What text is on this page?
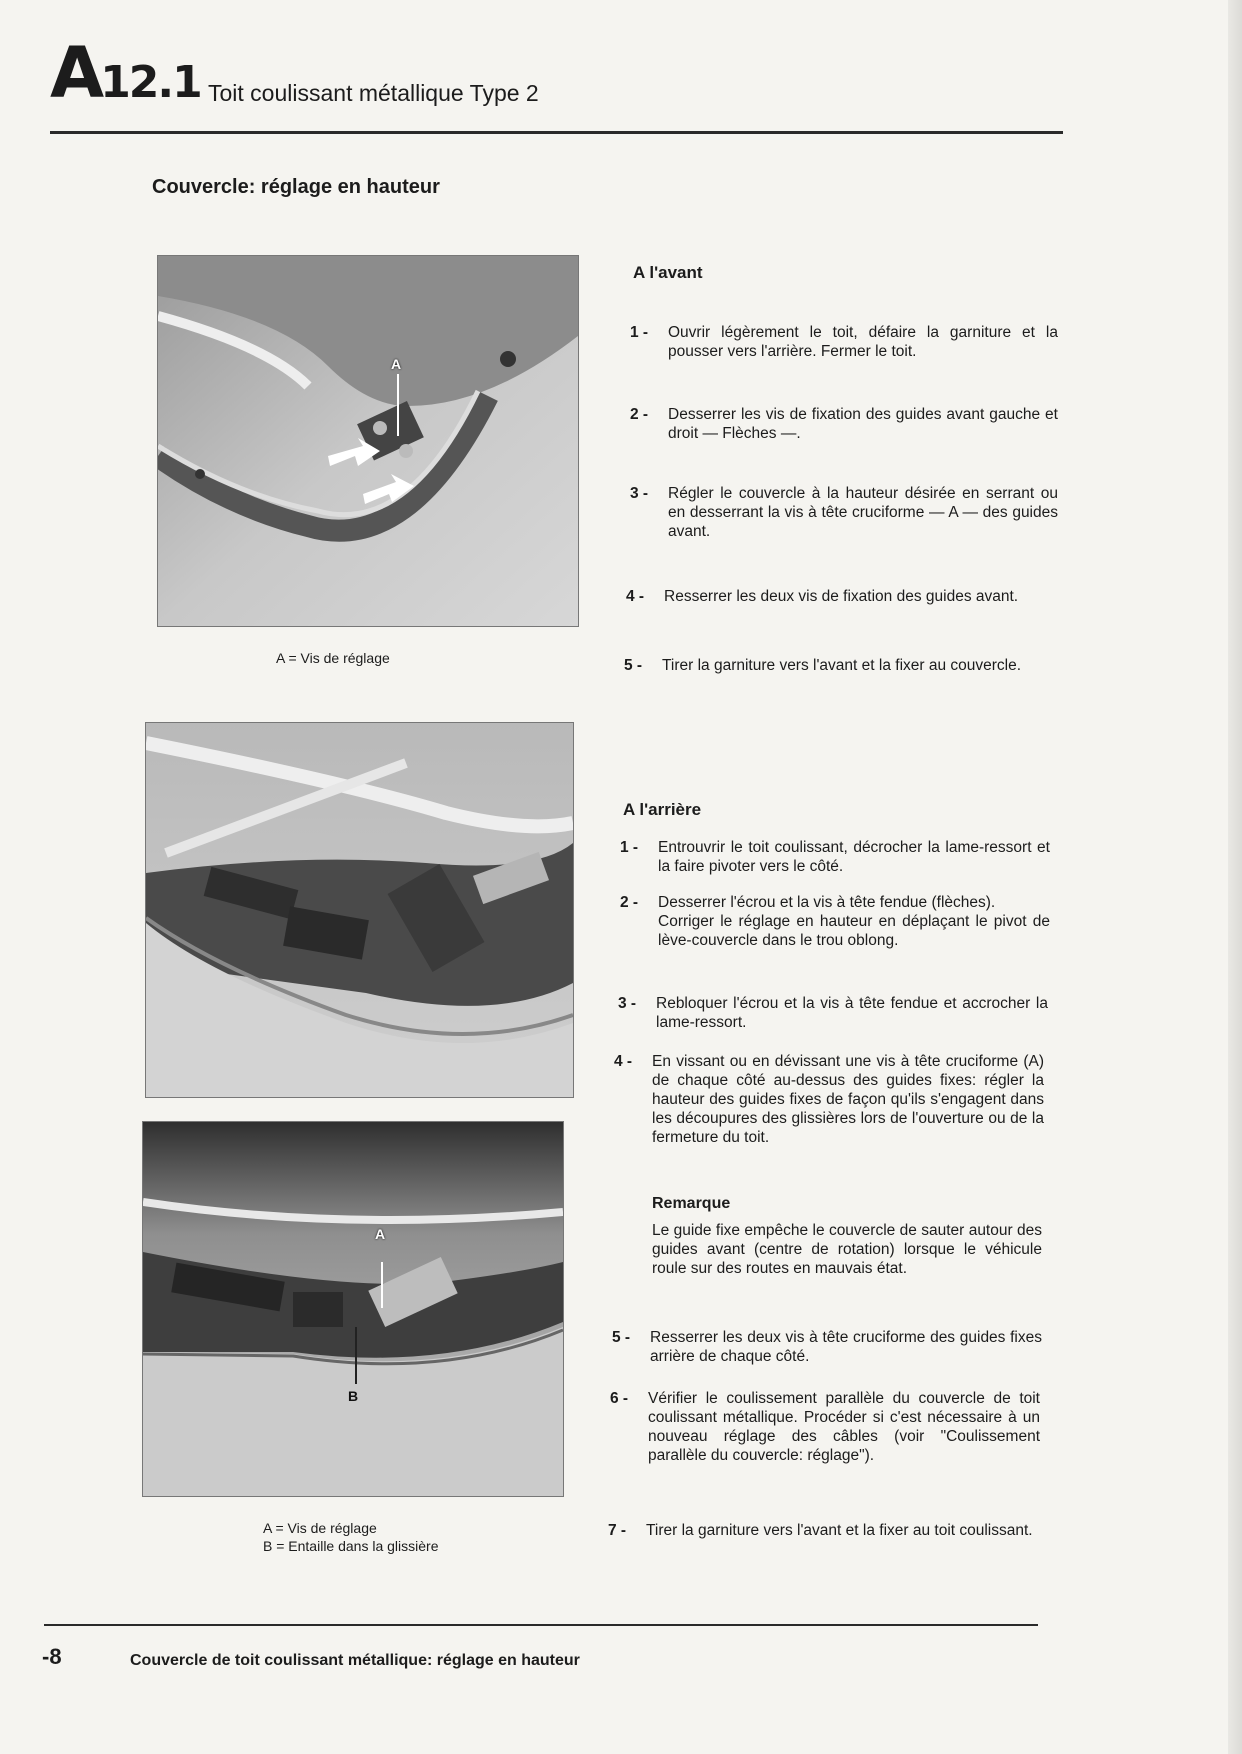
A12.1 Toit coulissant métallique Type 2
Couvercle: réglage en hauteur
A
A = Vis de réglage
A
B
A = Vis de réglage
B = Entaille dans la glissière
A l'avant
1 -	Ouvrir légèrement le toit, défaire la garniture et la pousser vers l'arrière. Fermer le toit.
2 -	Desserrer les vis de fixation des guides avant gauche et droit — Flèches —.
3 -	Régler le couvercle à la hauteur désirée en serrant ou en desserrant la vis à tête cruciforme — A — des guides avant.
4 -	Resserrer les deux vis de fixation des guides avant.
5 -	Tirer la garniture vers l'avant et la fixer au couvercle.
A l'arrière
1 -	Entrouvrir le toit coulissant, décrocher la lame-ressort et la faire pivoter vers le côté.
2 -	Desserrer l'écrou et la vis à tête fendue (flèches).

Corriger le réglage en hauteur en déplaçant le pivot de lève-couvercle dans le trou oblong.

3 -	Rebloquer l'écrou et la vis à tête fendue et accrocher la lame-ressort.
4 -	En vissant ou en dévissant une vis à tête cruciforme (A) de chaque côté au-dessus des guides fixes: régler la hauteur des guides fixes de façon qu'ils s'engagent dans les découpures des glissières lors de l'ouverture ou de la fermeture du toit.
Remarque
Le guide fixe empêche le couvercle de sauter autour des guides avant (centre de rotation) lorsque le véhicule roule sur des routes en mauvais état.
5 -	Resserrer les deux vis à tête cruciforme des guides fixes arrière de chaque côté.
6 -	Vérifier le coulissement parallèle du couvercle de toit coulissant métallique. Procéder si c'est nécessaire à un nouveau réglage des câbles (voir "Coulissement parallèle du couvercle: réglage").
7 -	Tirer la garniture vers l'avant et la fixer au toit coulissant.
-8	Couvercle de toit coulissant métallique: réglage en hauteur
